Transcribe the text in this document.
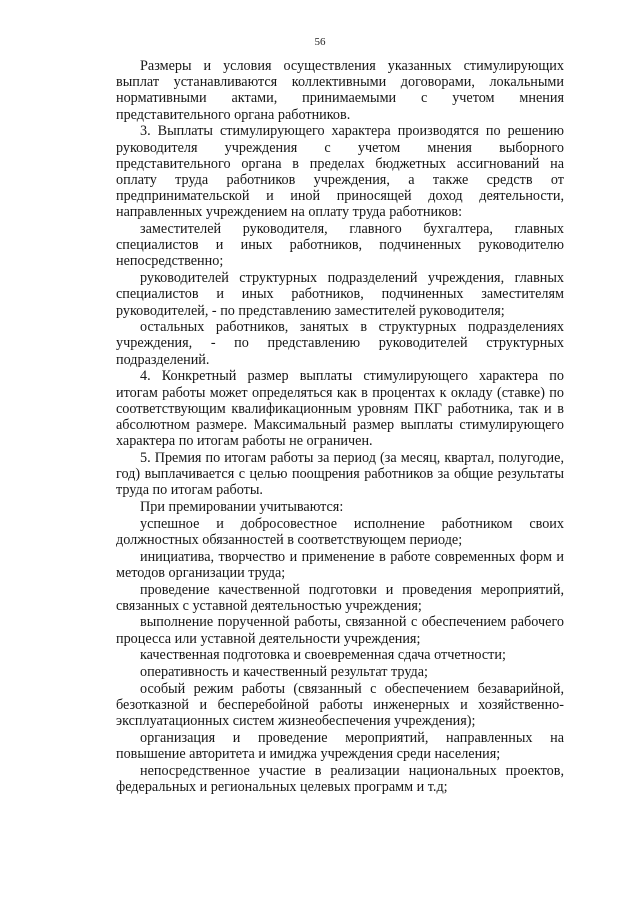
56

Размеры и условия осуществления указанных стимулирующих выплат устанавливаются коллективными договорами, локальными нормативными актами, принимаемыми с учетом мнения представительного органа работников.

3. Выплаты стимулирующего характера производятся по решению руководителя учреждения с учетом мнения выборного представительного органа в пределах бюджетных ассигнований на оплату труда работников учреждения, а также средств от предпринимательской и иной приносящей доход деятельности, направленных учреждением на оплату труда работников:

заместителей руководителя, главного бухгалтера, главных специалистов и иных работников, подчиненных руководителю непосредственно;

руководителей структурных подразделений учреждения, главных специалистов и иных работников, подчиненных заместителям руководителей, - по представлению заместителей руководителя;

остальных работников, занятых в структурных подразделениях учреждения, - по представлению руководителей структурных подразделений.

4. Конкретный размер выплаты стимулирующего характера по итогам работы может определяться как в процентах к окладу (ставке) по соответствующим квалификационным уровням ПКГ работника, так и в абсолютном размере. Максимальный размер выплаты стимулирующего характера по итогам работы не ограничен.

5. Премия по итогам работы за период (за месяц, квартал, полугодие, год) выплачивается с целью поощрения работников за общие результаты труда по итогам работы.

При премировании учитываются:

успешное и добросовестное исполнение работником своих должностных обязанностей в соответствующем периоде;

инициатива, творчество и применение в работе современных форм и методов организации труда;

проведение качественной подготовки и проведения мероприятий, связанных с уставной деятельностью учреждения;

выполнение порученной работы, связанной с обеспечением рабочего процесса или уставной деятельности учреждения;

качественная подготовка и своевременная сдача отчетности;

оперативность и качественный результат труда;

особый режим работы (связанный с обеспечением безаварийной, безотказной и бесперебойной работы инженерных и хозяйственно-эксплуатационных систем жизнеобеспечения учреждения);

организация и проведение мероприятий, направленных на повышение авторитета и имиджа учреждения среди населения;

непосредственное участие в реализации национальных проектов, федеральных и региональных целевых программ и т.д;
